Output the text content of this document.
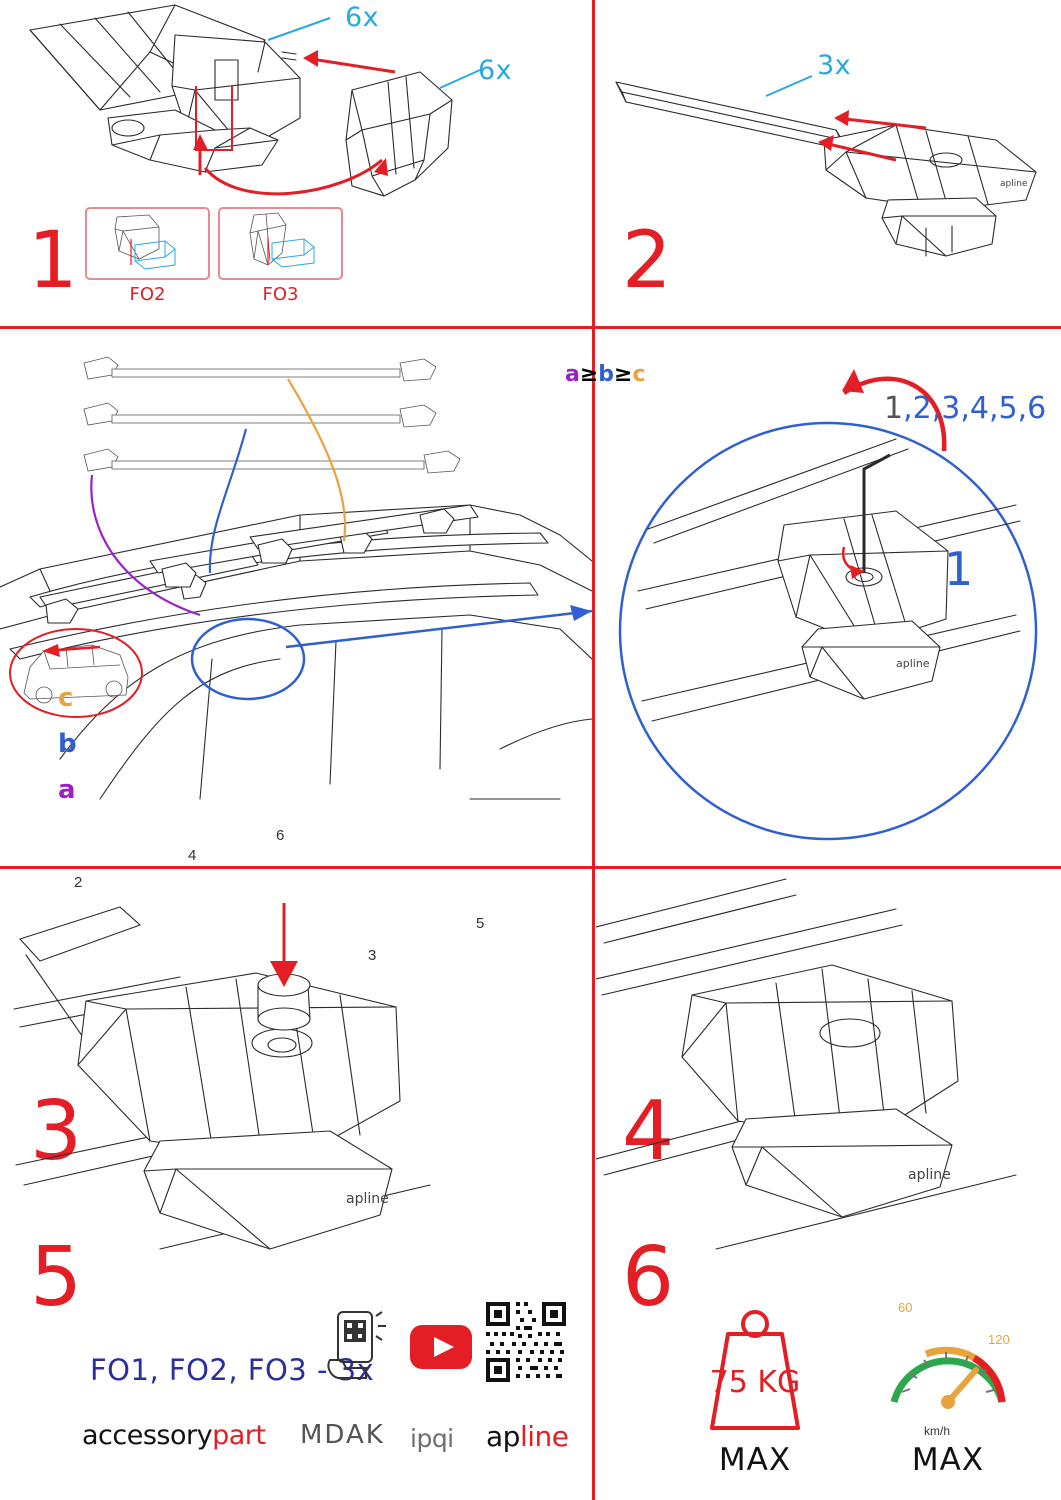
6x
6x
FO2	FO3
1
apline
3x
2
c
b
a
2
4
6
3
5
3
a≥b≥c
apline
1,2,3,4,5,6
1
4
apline
5
apline
6
FO1, FO2, FO3 - 3x
accessorypart MDAK ipqi apline
75 KG
MAX
60
120
km/h
MAX
